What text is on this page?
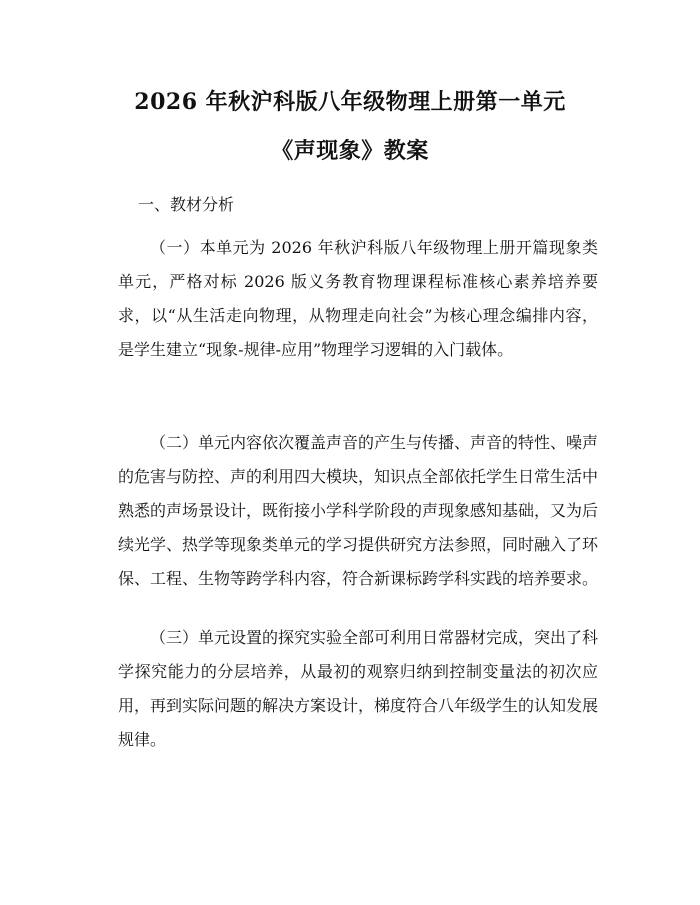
2026 年秋沪科版八年级物理上册第一单元
《声现象》教案

一、教材分析

（一）本单元为 2026 年秋沪科版八年级物理上册开篇现象类单元，严格对标 2026 版义务教育物理课程标准核心素养培养要求，以“从生活走向物理，从物理走向社会”为核心理念编排内容，是学生建立“现象-规律-应用”物理学习逻辑的入门载体。

（二）单元内容依次覆盖声音的产生与传播、声音的特性、噪声的危害与防控、声的利用四大模块，知识点全部依托学生日常生活中熟悉的声场景设计，既衔接小学科学阶段的声现象感知基础，又为后续光学、热学等现象类单元的学习提供研究方法参照，同时融入了环保、工程、生物等跨学科内容，符合新课标跨学科实践的培养要求。

（三）单元设置的探究实验全部可利用日常器材完成，突出了科学探究能力的分层培养，从最初的观察归纳到控制变量法的初次应用，再到实际问题的解决方案设计，梯度符合八年级学生的认知发展规律。
